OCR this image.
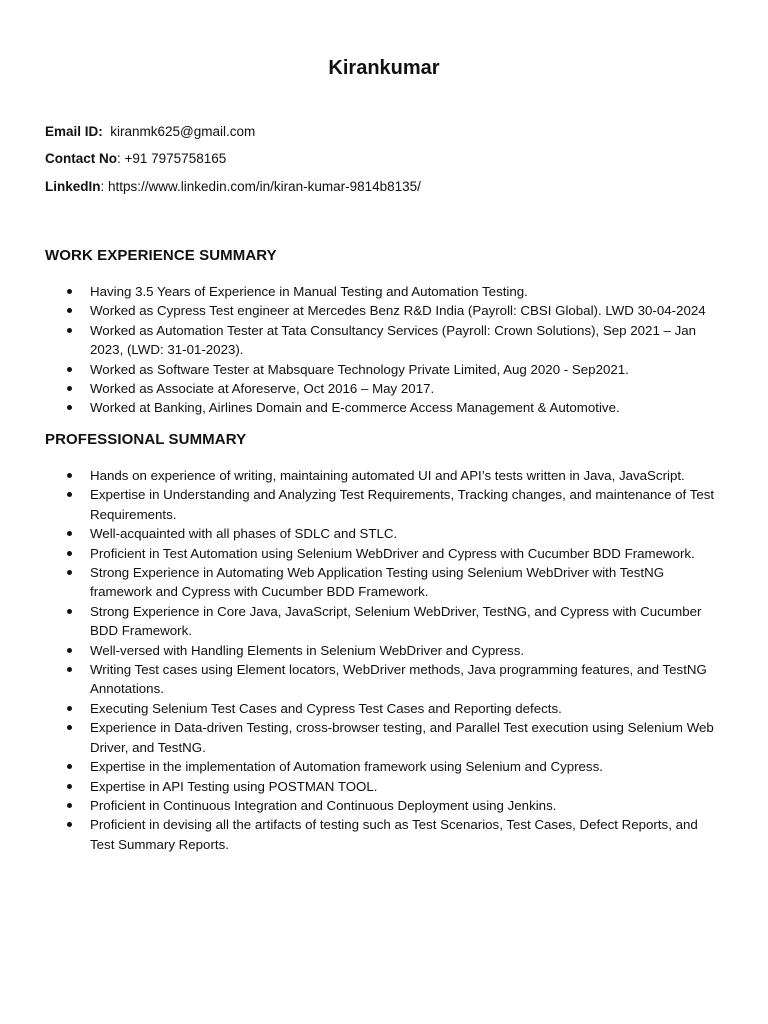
Kirankumar

Email ID: kiranmk625@gmail.com

Contact No: +91 7975758165

LinkedIn: https://www.linkedin.com/in/kiran-kumar-9814b8135/

WORK EXPERIENCE SUMMARY
Having 3.5 Years of Experience in Manual Testing and Automation Testing.
Worked as Cypress Test engineer at Mercedes Benz R&D India (Payroll: CBSI Global). LWD 30-04-2024
Worked as Automation Tester at Tata Consultancy Services (Payroll: Crown Solutions), Sep 2021 – Jan 2023, (LWD: 31-01-2023).
Worked as Software Tester at Mabsquare Technology Private Limited, Aug 2020 - Sep2021.
Worked as Associate at Aforeserve, Oct 2016 – May 2017.
Worked at Banking, Airlines Domain and E-commerce Access Management & Automotive.
PROFESSIONAL SUMMARY
Hands on experience of writing, maintaining automated UI and API’s tests written in Java, JavaScript.
Expertise in Understanding and Analyzing Test Requirements, Tracking changes, and maintenance of Test Requirements.
Well-acquainted with all phases of SDLC and STLC.
Proficient in Test Automation using Selenium WebDriver and Cypress with Cucumber BDD Framework.
Strong Experience in Automating Web Application Testing using Selenium WebDriver with TestNG framework and Cypress with Cucumber BDD Framework.
Strong Experience in Core Java, JavaScript, Selenium WebDriver, TestNG, and Cypress with Cucumber BDD Framework.
Well-versed with Handling Elements in Selenium WebDriver and Cypress.
Writing Test cases using Element locators, WebDriver methods, Java programming features, and TestNG Annotations.
Executing Selenium Test Cases and Cypress Test Cases and Reporting defects.
Experience in Data-driven Testing, cross-browser testing, and Parallel Test execution using Selenium Web Driver, and TestNG.
Expertise in the implementation of Automation framework using Selenium and Cypress.
Expertise in API Testing using POSTMAN TOOL.
Proficient in Continuous Integration and Continuous Deployment using Jenkins.
Proficient in devising all the artifacts of testing such as Test Scenarios, Test Cases, Defect Reports, and Test Summary Reports.
